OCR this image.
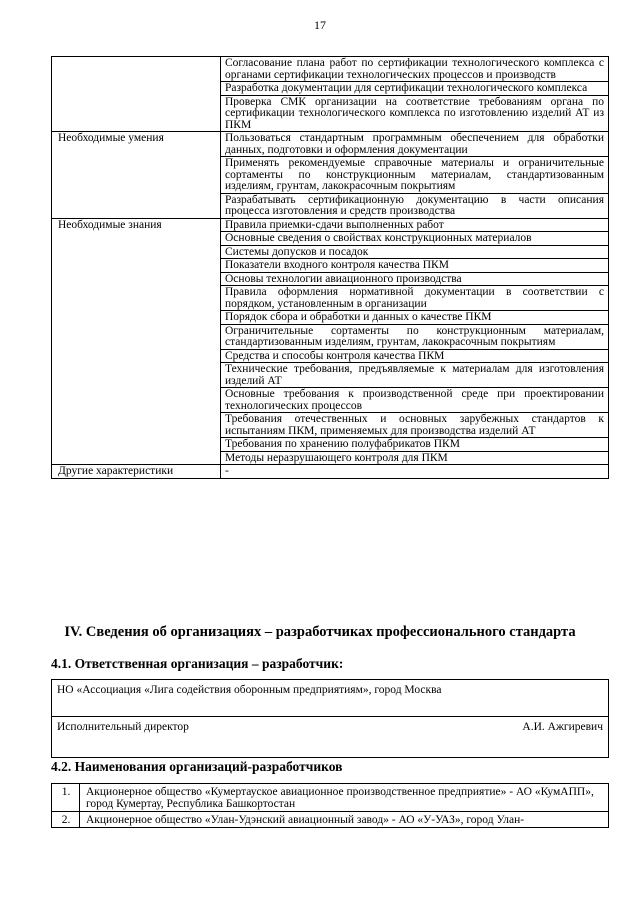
17
	Согласование плана работ по сертификации технологического комплекса с органами сертификации технологических процессов и производств
	Разработка документации для сертификации технологического комплекса
	Проверка СМК организации на соответствие требованиям органа по сертификации технологического комплекса по изготовлению изделий АТ из ПКМ
Необходимые умения	Пользоваться стандартным программным обеспечением для обработки данных, подготовки и оформления документации
	Применять рекомендуемые справочные материалы и ограничительные сортаменты по конструкционным материалам, стандартизованным изделиям, грунтам, лакокрасочным покрытиям
	Разрабатывать сертификационную документацию в части описания процесса изготовления и средств производства
Необходимые знания	Правила приемки-сдачи выполненных работ
	Основные сведения о свойствах конструкционных материалов
	Системы допусков и посадок
	Показатели входного контроля качества ПКМ
	Основы технологии авиационного производства
	Правила оформления нормативной документации в соответствии с порядком, установленным в организации
	Порядок сбора и обработки и данных о качестве ПКМ
	Ограничительные сортаменты по конструкционным материалам, стандартизованным изделиям, грунтам, лакокрасочным покрытиям
	Средства и способы контроля качества ПКМ
	Технические требования, предъявляемые к материалам для изготовления изделий АТ
	Основные требования к производственной среде при проектировании технологических процессов
	Требования отечественных и основных зарубежных стандартов к испытаниям ПКМ, применяемых для производства изделий АТ
	Требования по хранению полуфабрикатов ПКМ
	Методы неразрушающего контроля для ПКМ
Другие характеристики	-
IV. Сведения об организациях – разработчиках профессионального стандарта
4.1. Ответственная организация – разработчик:
НО «Ассоциация «Лига содействия оборонным предприятиям», город Москва

Исполнительный директор	А.И. Ажгиревич
4.2. Наименования организаций-разработчиков
1.	Акционерное общество «Кумертауское авиационное производственное предприятие» - АО «КумАПП», город Кумертау, Республика Башкортостан
2.	Акционерное общество «Улан-Удэнский авиационный завод» - АО «У-УАЗ», город Улан-
